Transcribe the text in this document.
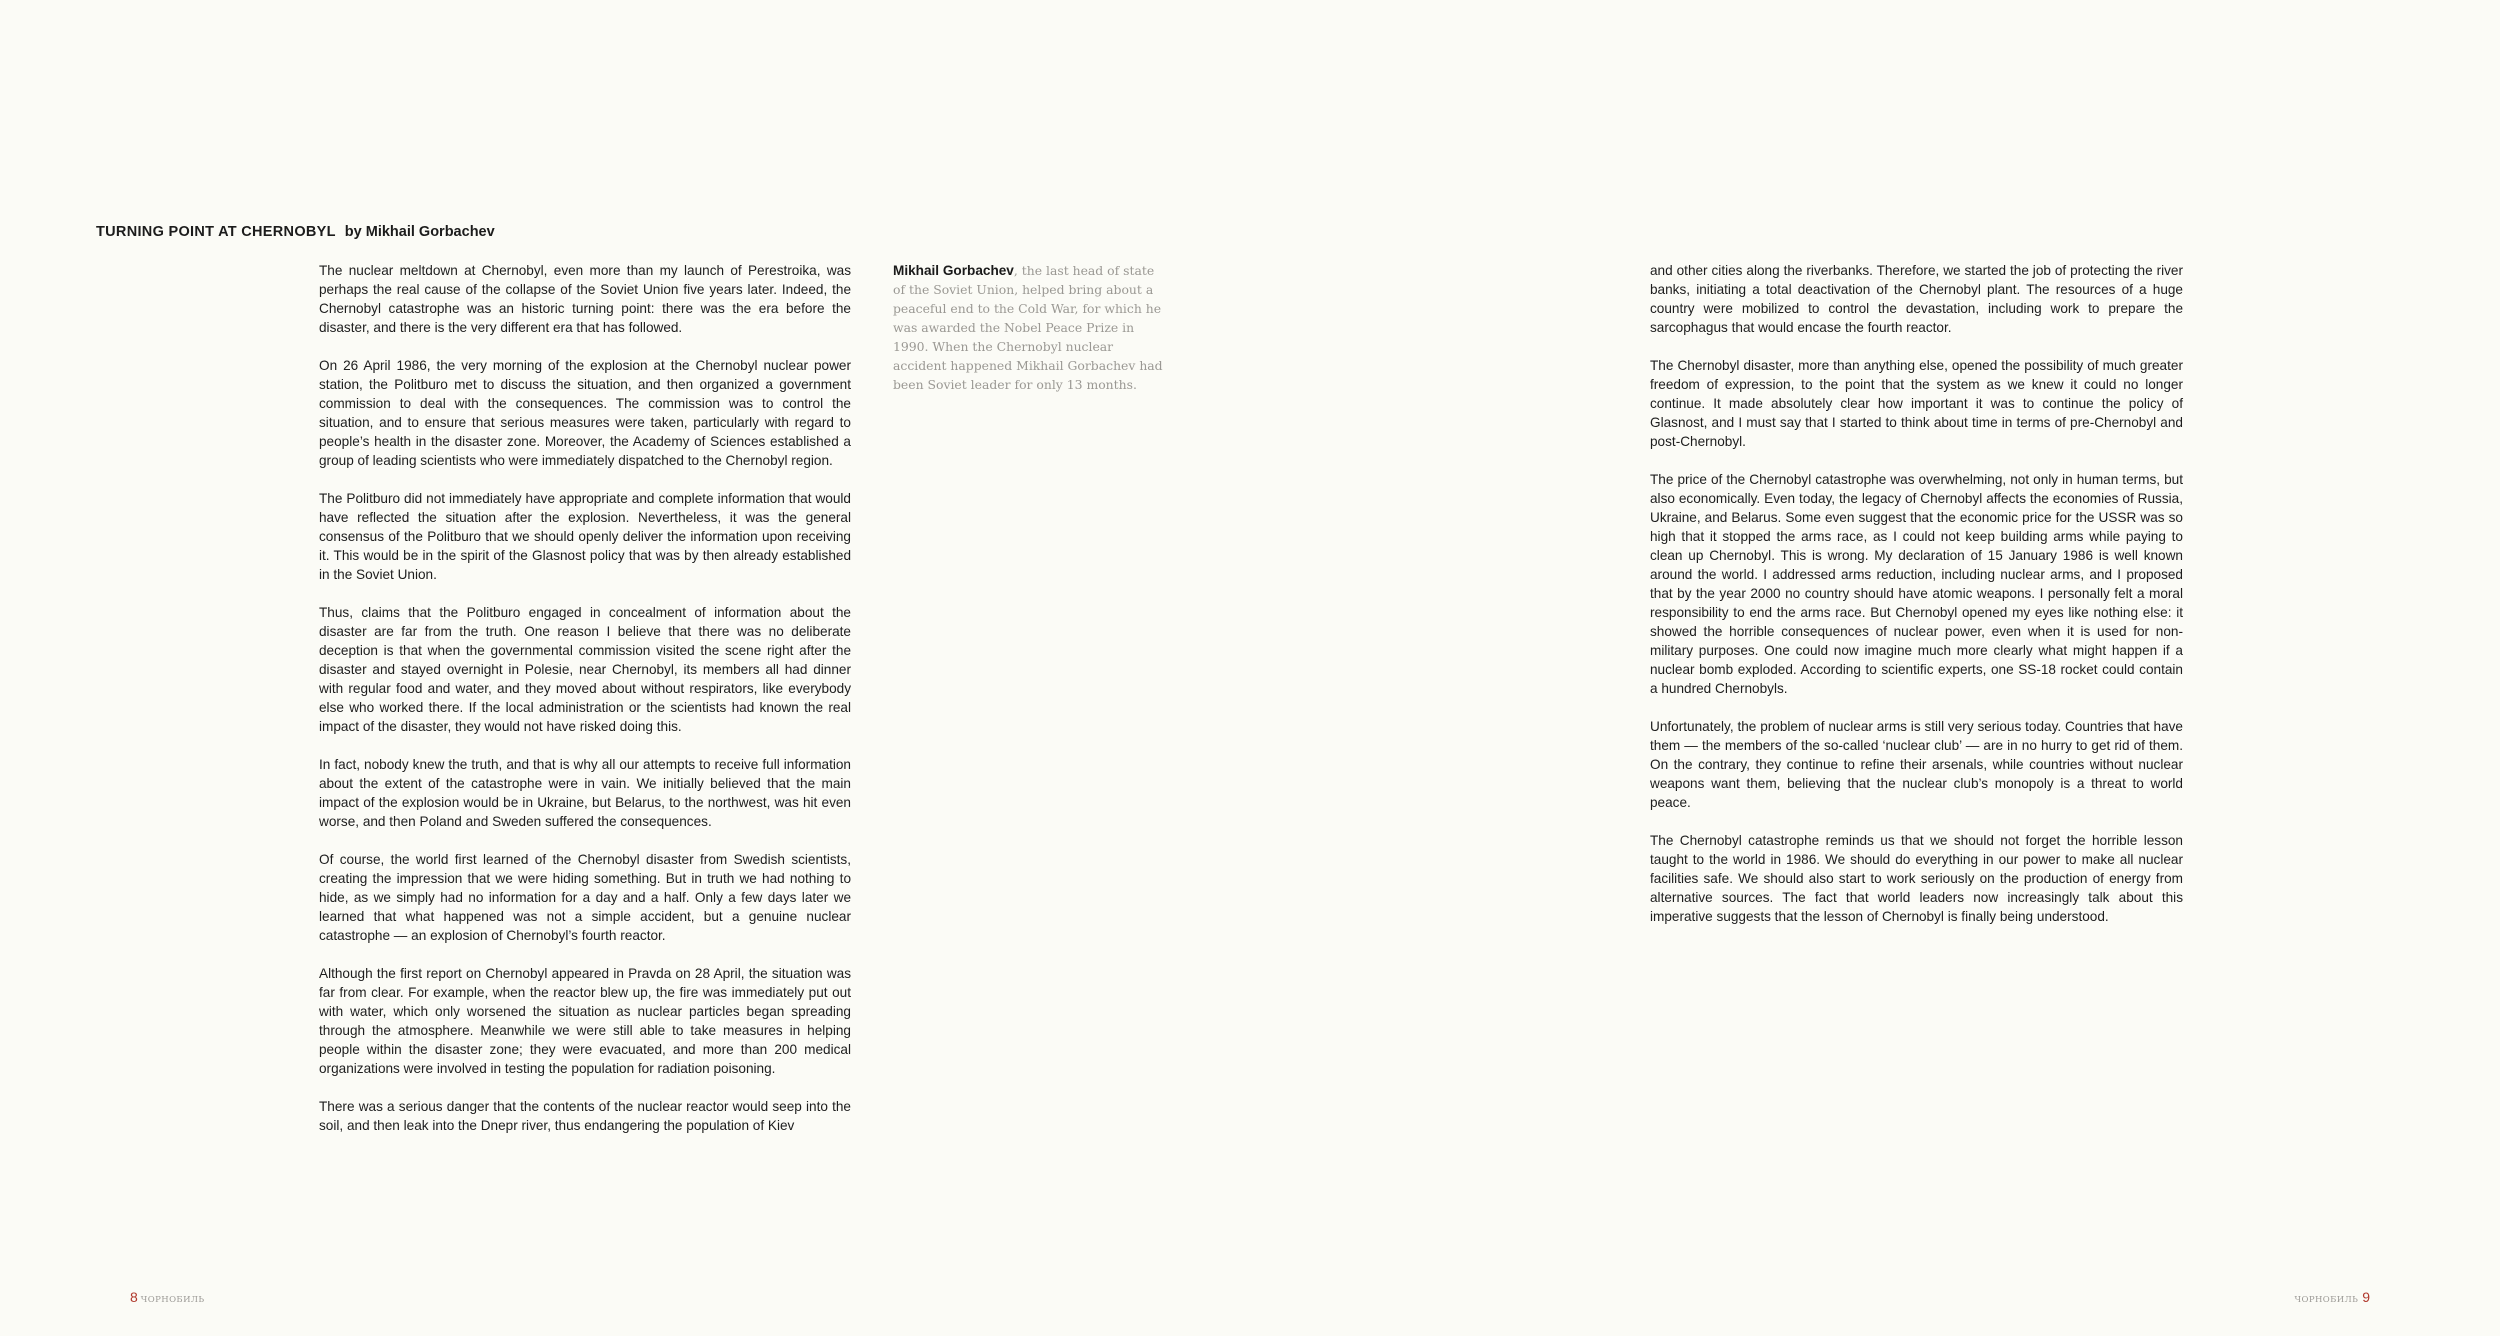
TURNING POINT AT CHERNOBYL by Mikhail Gorbachev

The nuclear meltdown at Chernobyl, even more than my launch of Perestroika, was perhaps the real cause of the collapse of the Soviet Union five years later. Indeed, the Chernobyl catastrophe was an historic turning point: there was the era before the disaster, and there is the very different era that has followed.

On 26 April 1986, the very morning of the explosion at the Chernobyl nuclear power station, the Politburo met to discuss the situation, and then organized a government commission to deal with the consequences. The commission was to control the situation, and to ensure that serious measures were taken, particularly with regard to people’s health in the disaster zone. Moreover, the Academy of Sciences established a group of leading scientists who were immediately dispatched to the Chernobyl region.

The Politburo did not immediately have appropriate and complete information that would have reflected the situation after the explosion. Nevertheless, it was the general consensus of the Politburo that we should openly deliver the information upon receiving it. This would be in the spirit of the Glasnost policy that was by then already established in the Soviet Union.

Thus, claims that the Politburo engaged in concealment of information about the disaster are far from the truth. One reason I believe that there was no deliberate deception is that when the governmental commission visited the scene right after the disaster and stayed overnight in Polesie, near Chernobyl, its members all had dinner with regular food and water, and they moved about without respirators, like everybody else who worked there. If the local administration or the scientists had known the real impact of the disaster, they would not have risked doing this.

In fact, nobody knew the truth, and that is why all our attempts to receive full information about the extent of the catastrophe were in vain. We initially believed that the main impact of the explosion would be in Ukraine, but Belarus, to the northwest, was hit even worse, and then Poland and Sweden suffered the consequences.

Of course, the world first learned of the Chernobyl disaster from Swedish scientists, creating the impression that we were hiding something. But in truth we had nothing to hide, as we simply had no information for a day and a half. Only a few days later we learned that what happened was not a simple accident, but a genuine nuclear catastrophe — an explosion of Chernobyl’s fourth reactor.

Although the first report on Chernobyl appeared in Pravda on 28 April, the situation was far from clear. For example, when the reactor blew up, the fire was immediately put out with water, which only worsened the situation as nuclear particles began spreading through the atmosphere. Meanwhile we were still able to take measures in helping people within the disaster zone; they were evacuated, and more than 200 medical organizations were involved in testing the population for radiation poisoning.

There was a serious danger that the contents of the nuclear reactor would seep into the soil, and then leak into the Dnepr river, thus endangering the population of Kiev

Mikhail Gorbachev, the last head of state of the Soviet Union, helped bring about a peaceful end to the Cold War, for which he was awarded the Nobel Peace Prize in 1990. When the Chernobyl nuclear accident happened Mikhail Gorbachev had been Soviet leader for only 13 months.

and other cities along the riverbanks. Therefore, we started the job of protecting the river banks, initiating a total deactivation of the Chernobyl plant. The resources of a huge country were mobilized to control the devastation, including work to prepare the sarcophagus that would encase the fourth reactor.

The Chernobyl disaster, more than anything else, opened the possibility of much greater freedom of expression, to the point that the system as we knew it could no longer continue. It made absolutely clear how important it was to continue the policy of Glasnost, and I must say that I started to think about time in terms of pre-Chernobyl and post-Chernobyl.

The price of the Chernobyl catastrophe was overwhelming, not only in human terms, but also economically. Even today, the legacy of Chernobyl affects the economies of Russia, Ukraine, and Belarus. Some even suggest that the economic price for the USSR was so high that it stopped the arms race, as I could not keep building arms while paying to clean up Chernobyl. This is wrong. My declaration of 15 January 1986 is well known around the world. I addressed arms reduction, including nuclear arms, and I proposed that by the year 2000 no country should have atomic weapons. I personally felt a moral responsibility to end the arms race. But Chernobyl opened my eyes like nothing else: it showed the horrible consequences of nuclear power, even when it is used for non-military purposes. One could now imagine much more clearly what might happen if a nuclear bomb exploded. According to scientific experts, one SS-18 rocket could contain a hundred Chernobyls.

Unfortunately, the problem of nuclear arms is still very serious today. Countries that have them — the members of the so-called ‘nuclear club’ — are in no hurry to get rid of them. On the contrary, they continue to refine their arsenals, while countries without nuclear weapons want them, believing that the nuclear club’s monopoly is a threat to world peace.

The Chernobyl catastrophe reminds us that we should not forget the horrible lesson taught to the world in 1986. We should do everything in our power to make all nuclear facilities safe. We should also start to work seriously on the production of energy from alternative sources. The fact that world leaders now increasingly talk about this imperative suggests that the lesson of Chernobyl is finally being understood.

8 ЧОРНОБИЛЬ	ЧОРНОБИЛЬ 9
